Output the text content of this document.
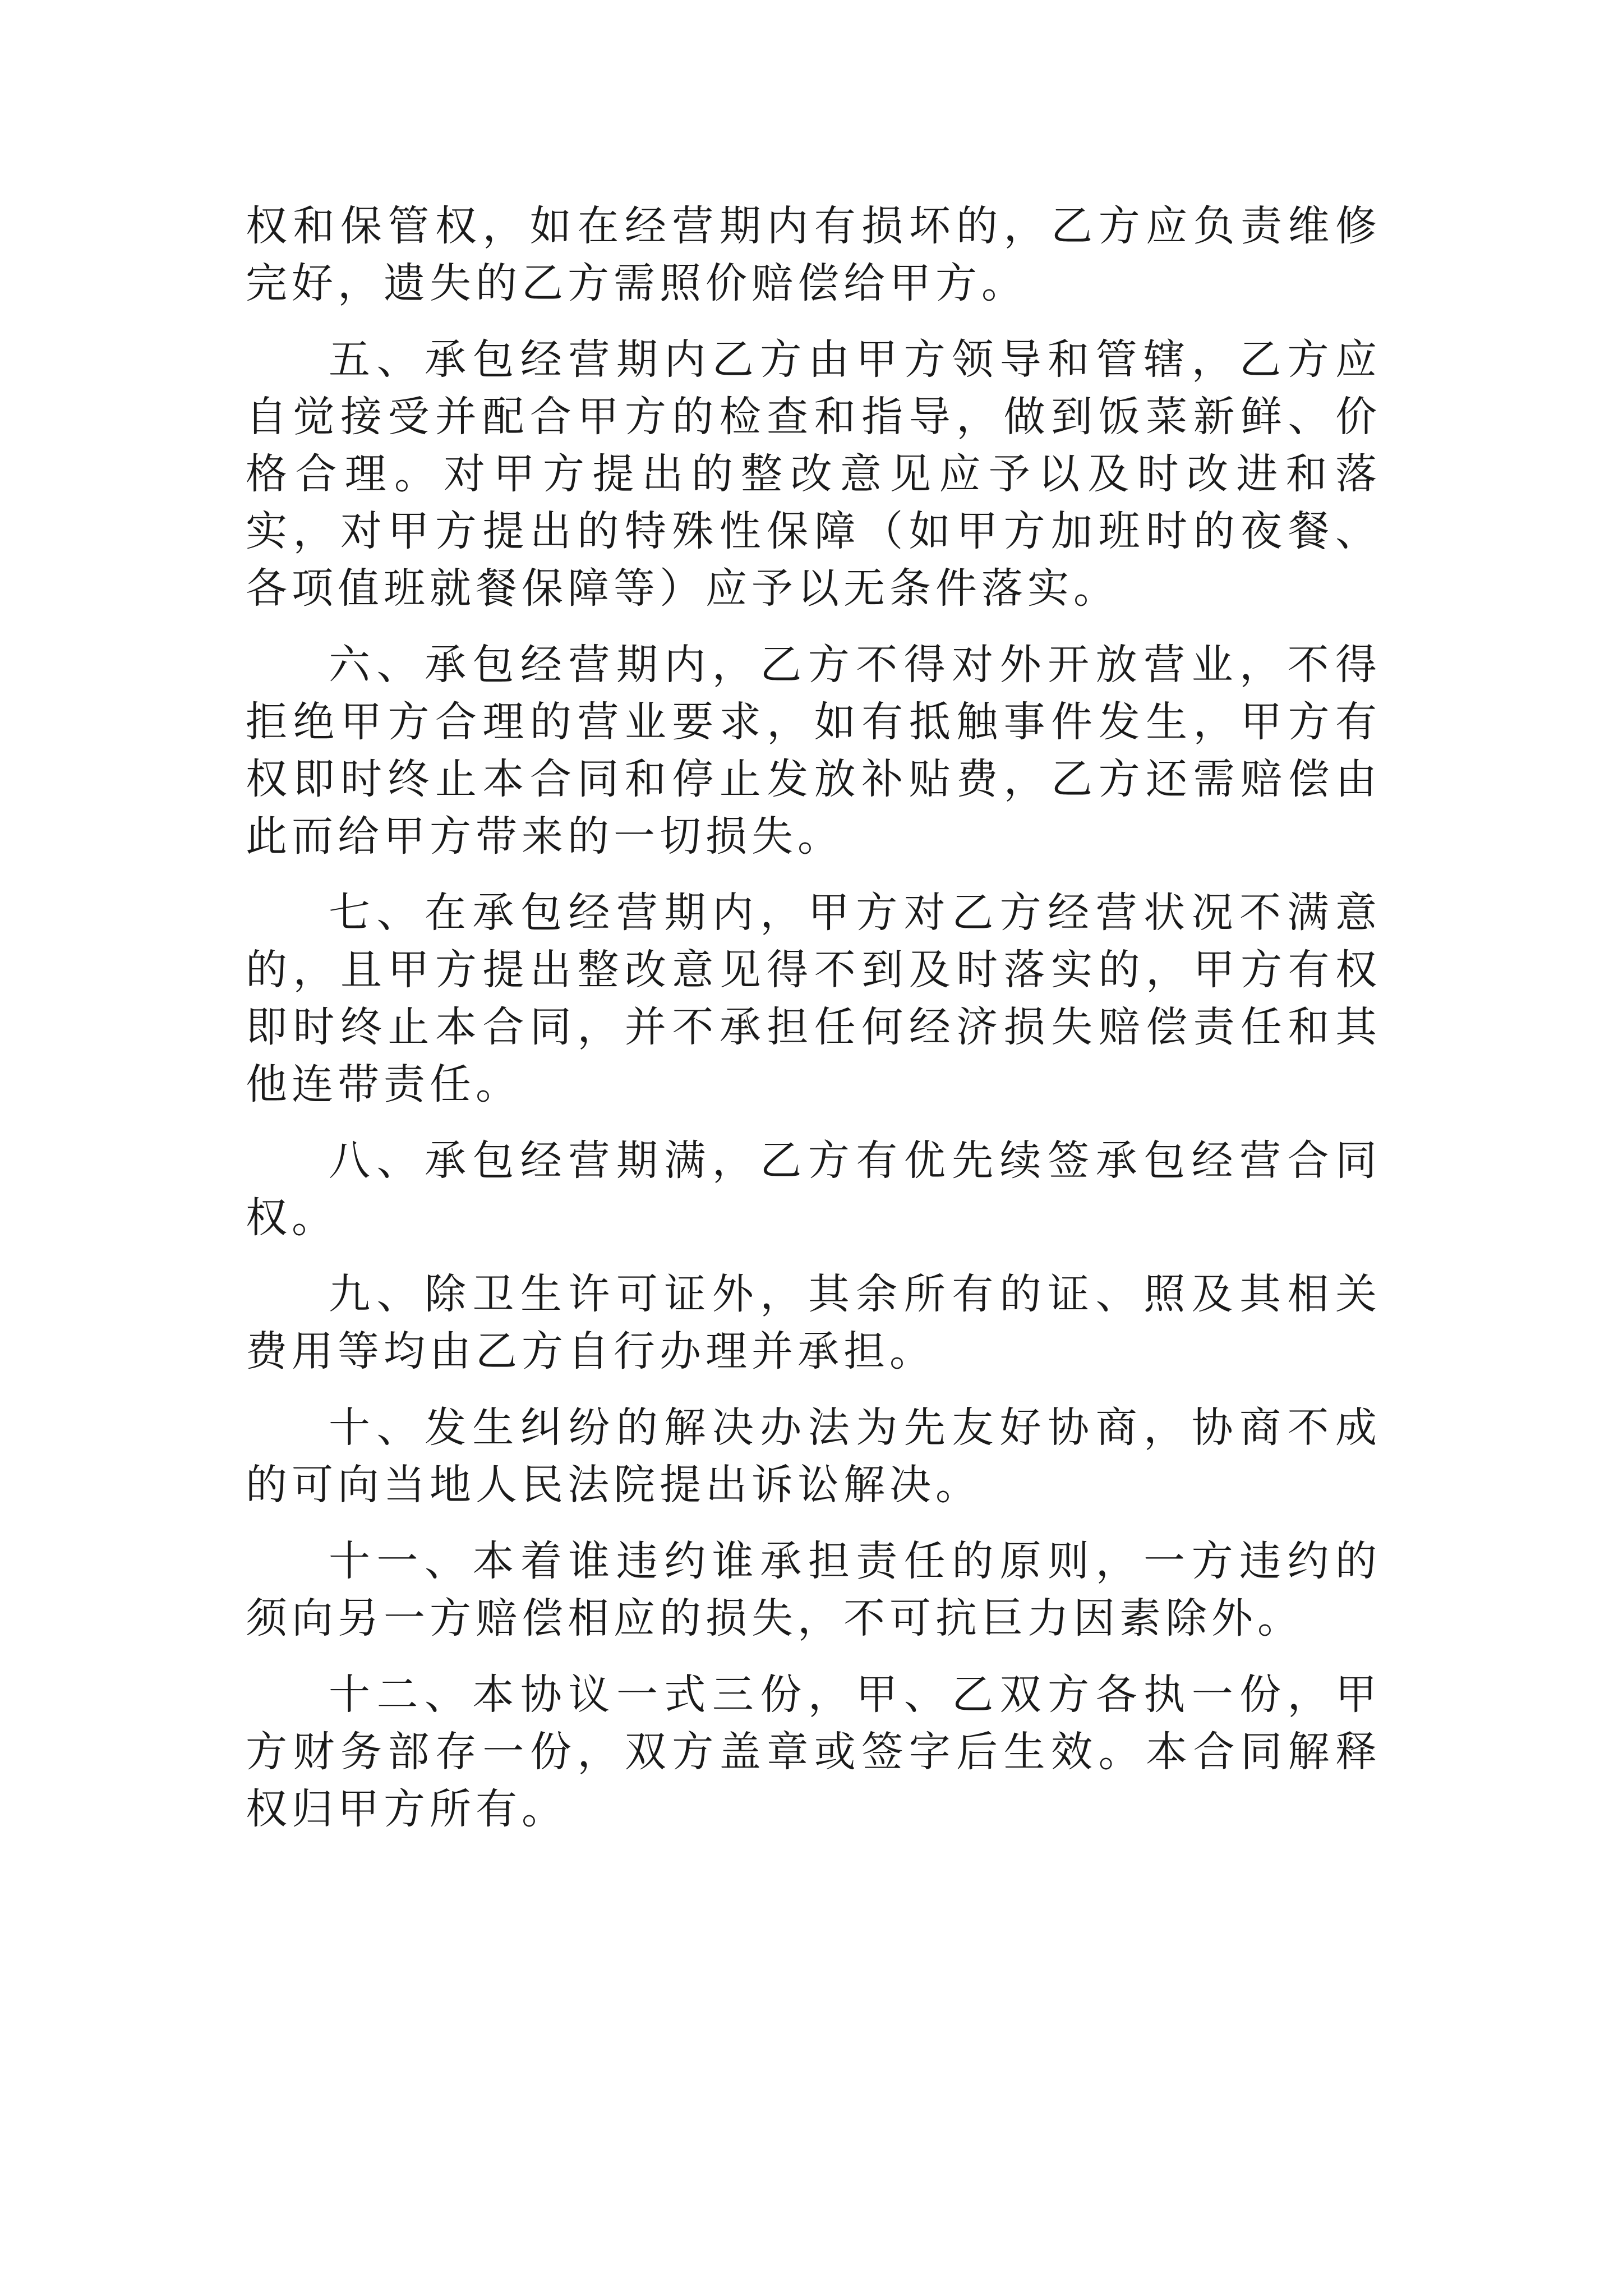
权和保管权，如在经营期内有损坏的，乙方应负责维修完好，遗失的乙方需照价赔偿给甲方。

五、承包经营期内乙方由甲方领导和管辖，乙方应自觉接受并配合甲方的检查和指导，做到饭菜新鲜、价格合理。对甲方提出的整改意见应予以及时改进和落实，对甲方提出的特殊性保障（如甲方加班时的夜餐、各项值班就餐保障等）应予以无条件落实。

六、承包经营期内，乙方不得对外开放营业，不得拒绝甲方合理的营业要求，如有抵触事件发生，甲方有权即时终止本合同和停止发放补贴费，乙方还需赔偿由此而给甲方带来的一切损失。

七、在承包经营期内，甲方对乙方经营状况不满意的，且甲方提出整改意见得不到及时落实的，甲方有权即时终止本合同，并不承担任何经济损失赔偿责任和其他连带责任。

八、承包经营期满，乙方有优先续签承包经营合同权。

九、除卫生许可证外，其余所有的证、照及其相关费用等均由乙方自行办理并承担。

十、发生纠纷的解决办法为先友好协商，协商不成的可向当地人民法院提出诉讼解决。

十一、本着谁违约谁承担责任的原则，一方违约的须向另一方赔偿相应的损失，不可抗巨力因素除外。

十二、本协议一式三份，甲、乙双方各执一份，甲方财务部存一份，双方盖章或签字后生效。本合同解释权归甲方所有。
